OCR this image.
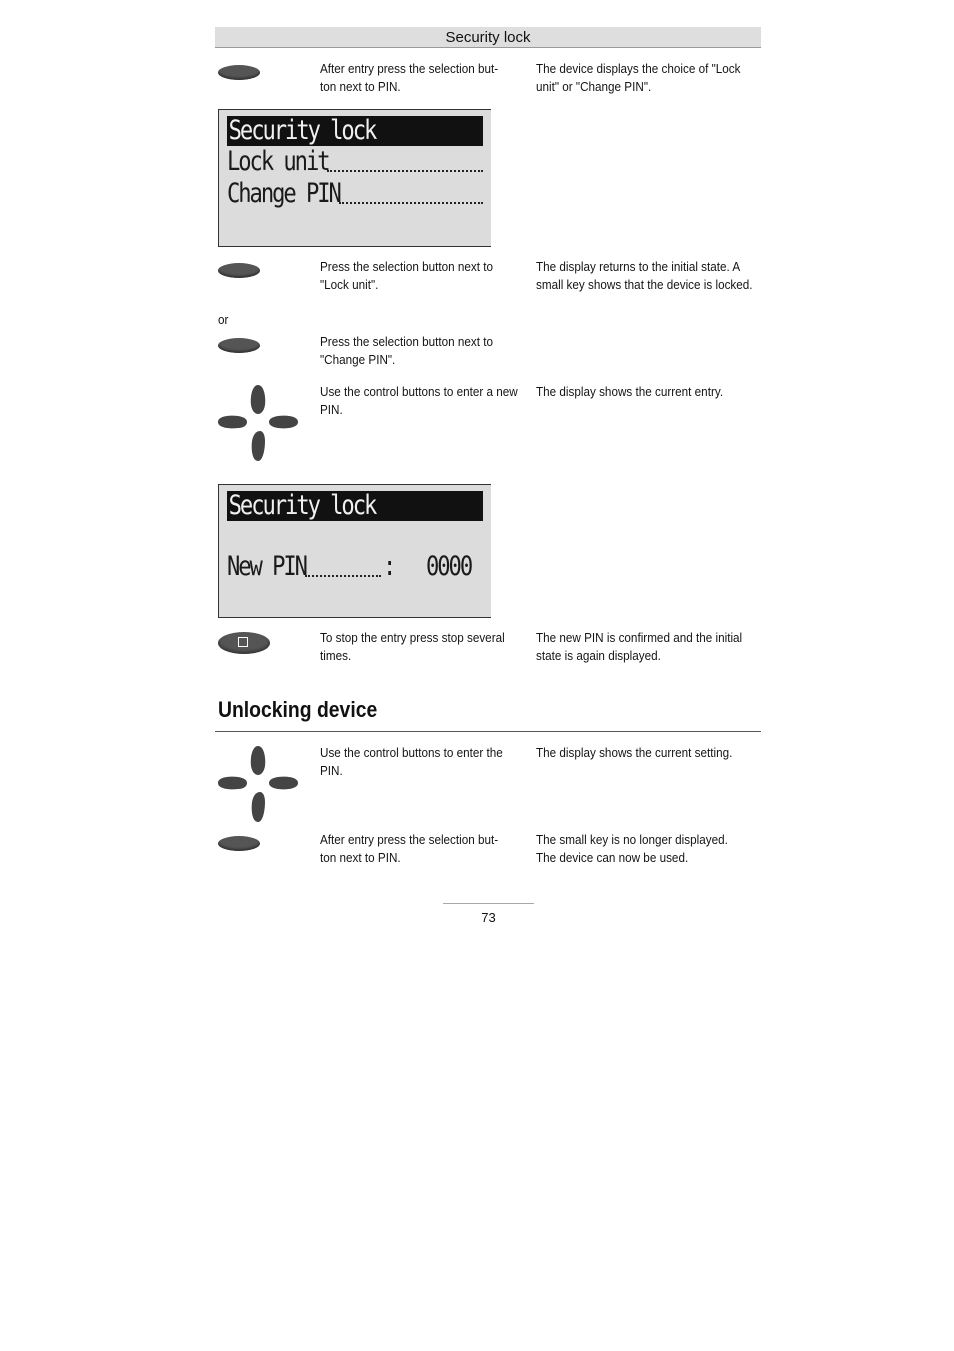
Security lock
After entry press the selection but-
ton next to PIN.
The device displays the choice of "Lock unit" or "Change PIN".
Security lock
Lock unit
Change PIN
Press the selection button next to "Lock unit".
The display returns to the initial state. A small key shows that the device is locked.
or
Press the selection button next to "Change PIN".
Use the control buttons to enter a new PIN.
The display shows the current entry.
Security lock
New PIN	: 0000
To stop the entry press stop several times.
The new PIN is confirmed and the initial state is again displayed.
Unlocking device
Use the control buttons to enter the PIN.
The display shows the current setting.
After entry press the selection but-
ton next to PIN.
The small key is no longer displayed.
The device can now be used.
73
